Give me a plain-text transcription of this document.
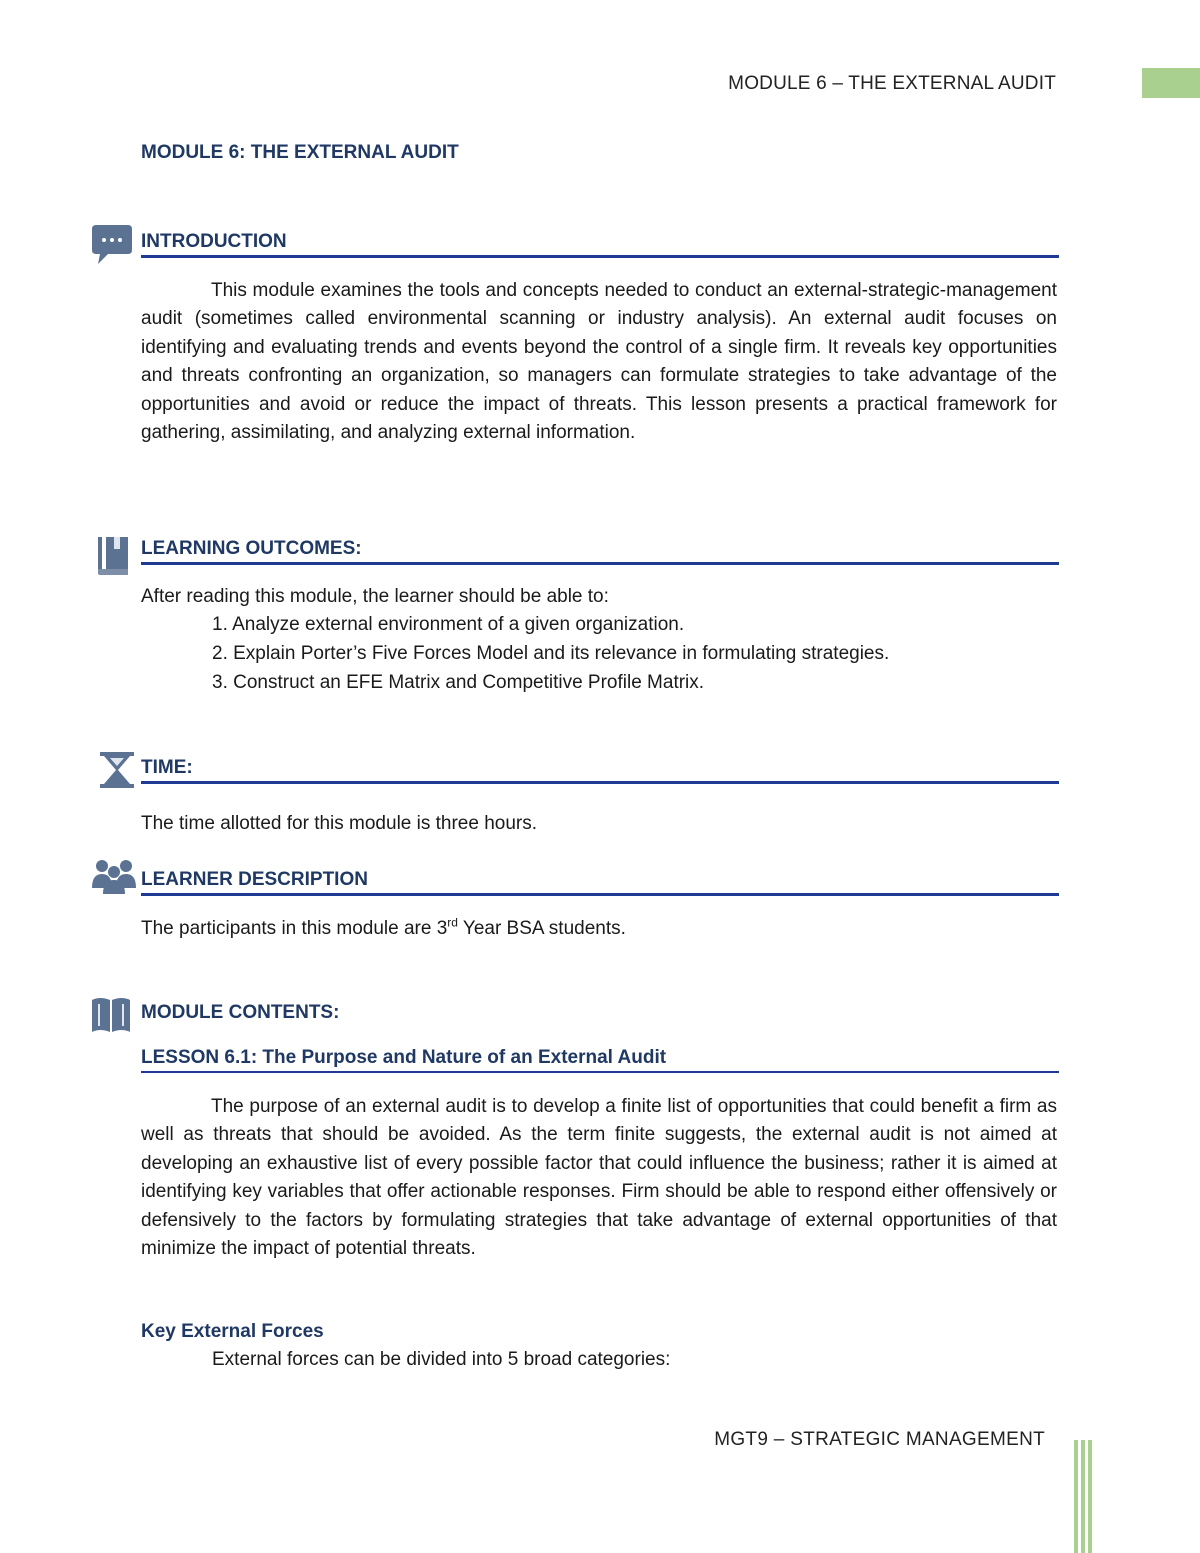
MODULE 6 – THE EXTERNAL AUDIT
MODULE 6: THE EXTERNAL AUDIT
INTRODUCTION
This module examines the tools and concepts needed to conduct an external-strategic-management audit (sometimes called environmental scanning or industry analysis). An external audit focuses on identifying and evaluating trends and events beyond the control of a single firm. It reveals key opportunities and threats confronting an organization, so managers can formulate strategies to take advantage of the opportunities and avoid or reduce the impact of threats. This lesson presents a practical framework for gathering, assimilating, and analyzing external information.
LEARNING OUTCOMES:
After reading this module, the learner should be able to:
1. Analyze external environment of a given organization.
2. Explain Porter’s Five Forces Model and its relevance in formulating strategies.
3. Construct an EFE Matrix and Competitive Profile Matrix.
TIME:
The time allotted for this module is three hours.
LEARNER DESCRIPTION
The participants in this module are 3rd Year BSA students.
MODULE CONTENTS:
LESSON 6.1: The Purpose and Nature of an External Audit
The purpose of an external audit is to develop a finite list of opportunities that could benefit a firm as well as threats that should be avoided. As the term finite suggests, the external audit is not aimed at developing an exhaustive list of every possible factor that could influence the business; rather it is aimed at identifying key variables that offer actionable responses. Firm should be able to respond either offensively or defensively to the factors by formulating strategies that take advantage of external opportunities of that minimize the impact of potential threats.
Key External Forces
External forces can be divided into 5 broad categories:
MGT9 – STRATEGIC MANAGEMENT
